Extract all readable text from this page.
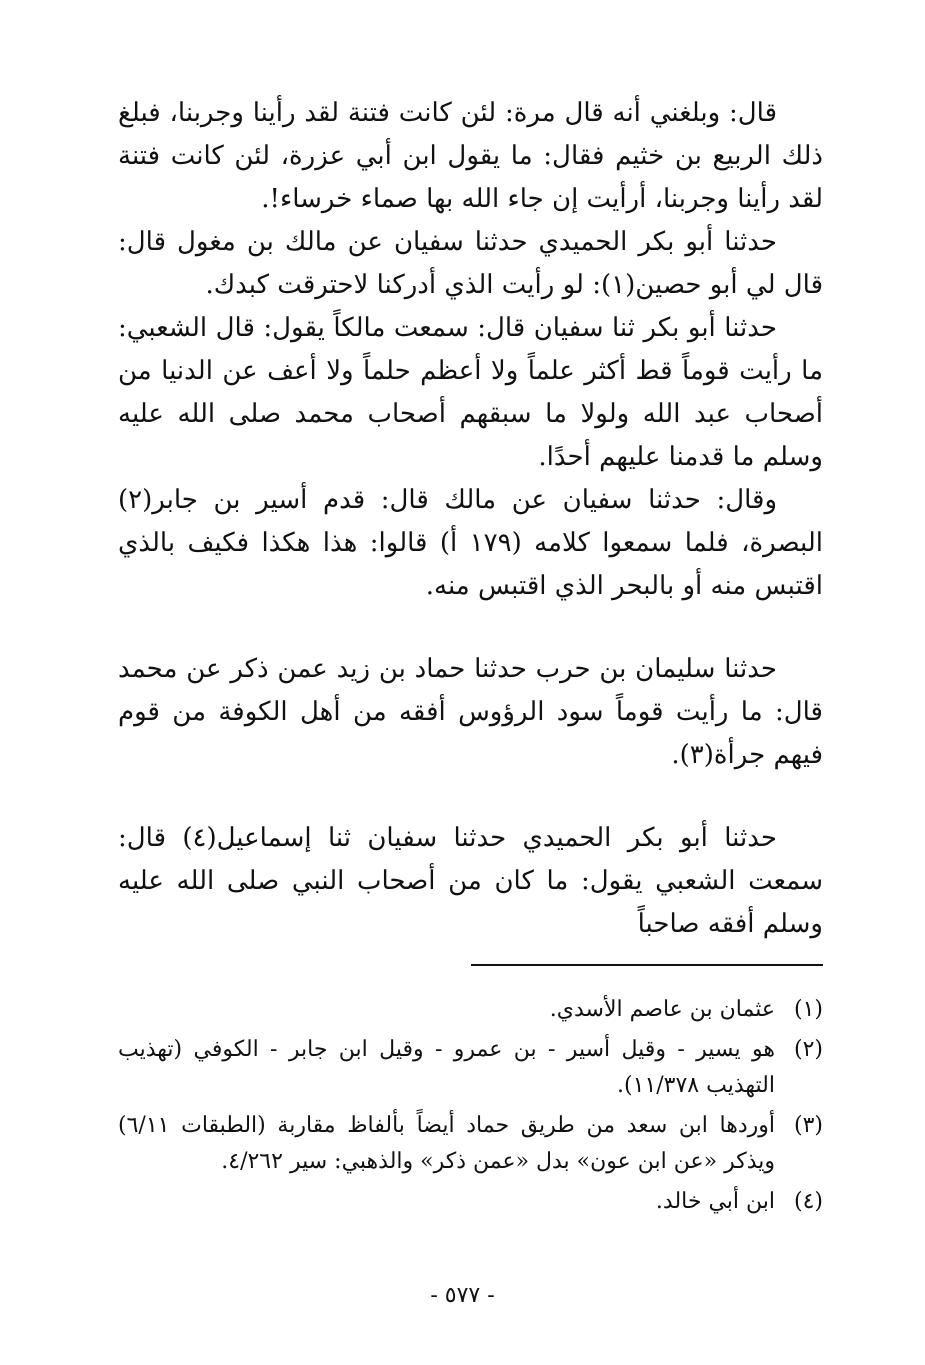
قال: وبلغني أنه قال مرة: لئن كانت فتنة لقد رأينا وجربنا، فبلغ ذلك الربيع بن خثيم فقال: ما يقول ابن أبي عزرة، لئن كانت فتنة لقد رأينا وجربنا، أرأيت إن جاء الله بها صماء خرساء!.

حدثنا أبو بكر الحميدي حدثنا سفيان عن مالك بن مغول قال: قال لي أبو حصين(١): لو رأيت الذي أدركنا لاحترقت كبدك.

حدثنا أبو بكر ثنا سفيان قال: سمعت مالكاً يقول: قال الشعبي: ما رأيت قوماً قط أكثر علماً ولا أعظم حلماً ولا أعف عن الدنيا من أصحاب عبد الله ولولا ما سبقهم أصحاب محمد صلى الله عليه وسلم ما قدمنا عليهم أحدًا.

وقال: حدثنا سفيان عن مالك قال: قدم أسير بن جابر(٢) البصرة، فلما سمعوا كلامه (١٧٩ أ) قالوا: هذا هكذا فكيف بالذي اقتبس منه أو بالبحر الذي اقتبس منه.

حدثنا سليمان بن حرب حدثنا حماد بن زيد عمن ذكر عن محمد قال: ما رأيت قوماً سود الرؤوس أفقه من أهل الكوفة من قوم فيهم جرأة(٣).

حدثنا أبو بكر الحميدي حدثنا سفيان ثنا إسماعيل(٤) قال: سمعت الشعبي يقول: ما كان من أصحاب النبي صلى الله عليه وسلم أفقه صاحباً

(١)
عثمان بن عاصم الأسدي.

(٢)
هو يسير - وقيل أسير - بن عمرو - وقيل ابن جابر - الكوفي (تهذيب التهذيب ١١/٣٧٨).

(٣)
أوردها ابن سعد من طريق حماد أيضاً بألفاظ مقاربة (الطبقات ٦/١١) ويذكر «عن ابن عون» بدل «عمن ذكر» والذهبي: سير ٤/٢٦٢.

(٤)
ابن أبي خالد.

- ٥٧٧ -
